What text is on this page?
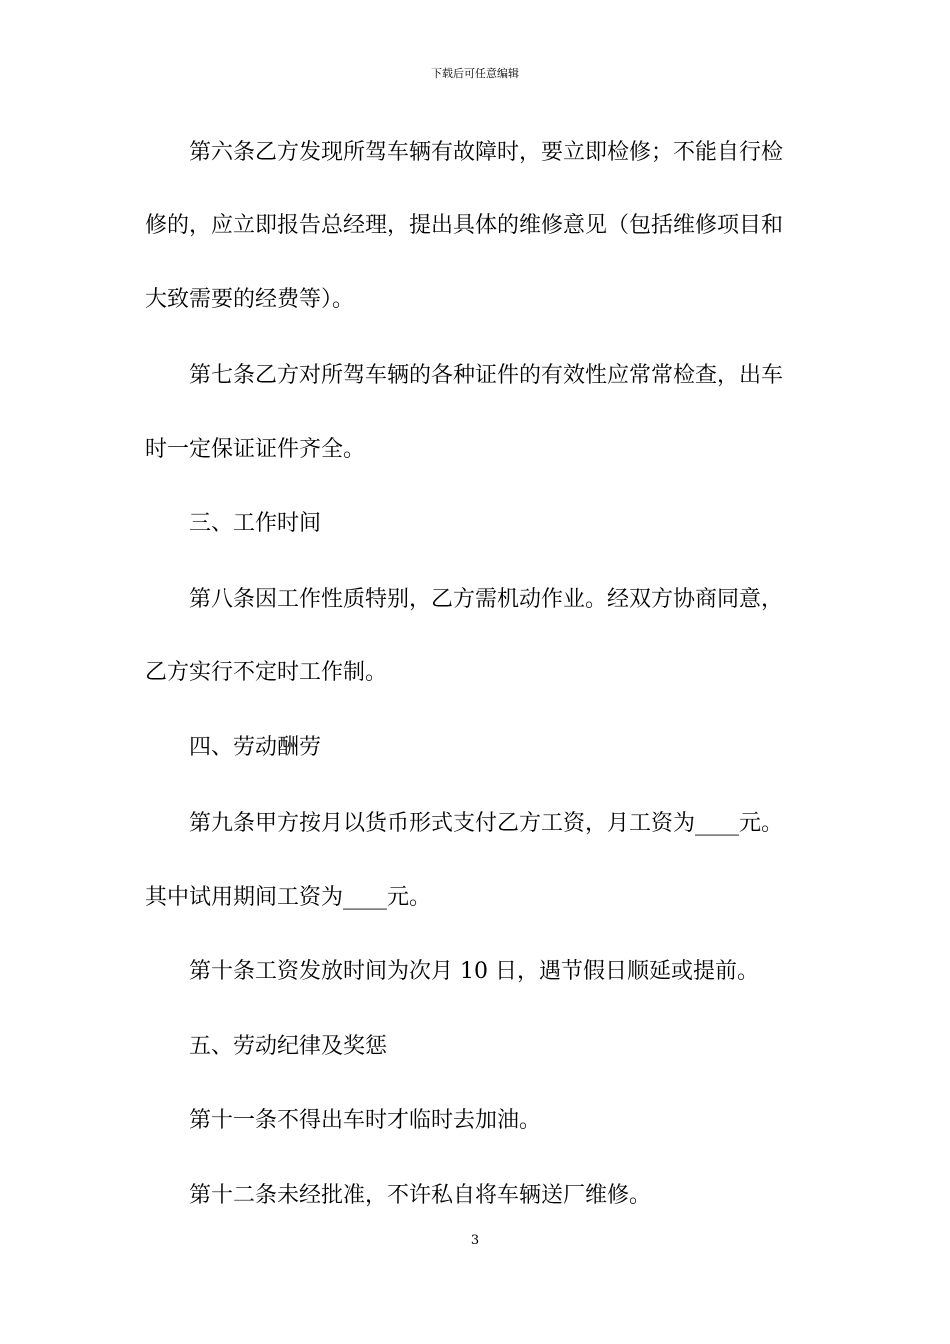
下载后可任意编辑
第六条乙方发现所驾车辆有故障时，要立即检修；不能自行检
修的，应立即报告总经理，提出具体的维修意见（包括维修项目和
大致需要的经费等）。
第七条乙方对所驾车辆的各种证件的有效性应常常检查，出车
时一定保证证件齐全。
三、工作时间
第八条因工作性质特别，乙方需机动作业。经双方协商同意，
乙方实行不定时工作制。
四、劳动酬劳
第九条甲方按月以货币形式支付乙方工资，月工资为____元。
其中试用期间工资为____元。
第十条工资发放时间为次月 10 日，遇节假日顺延或提前。
五、劳动纪律及奖惩
第十一条不得出车时才临时去加油。
第十二条未经批准，不许私自将车辆送厂维修。
3
